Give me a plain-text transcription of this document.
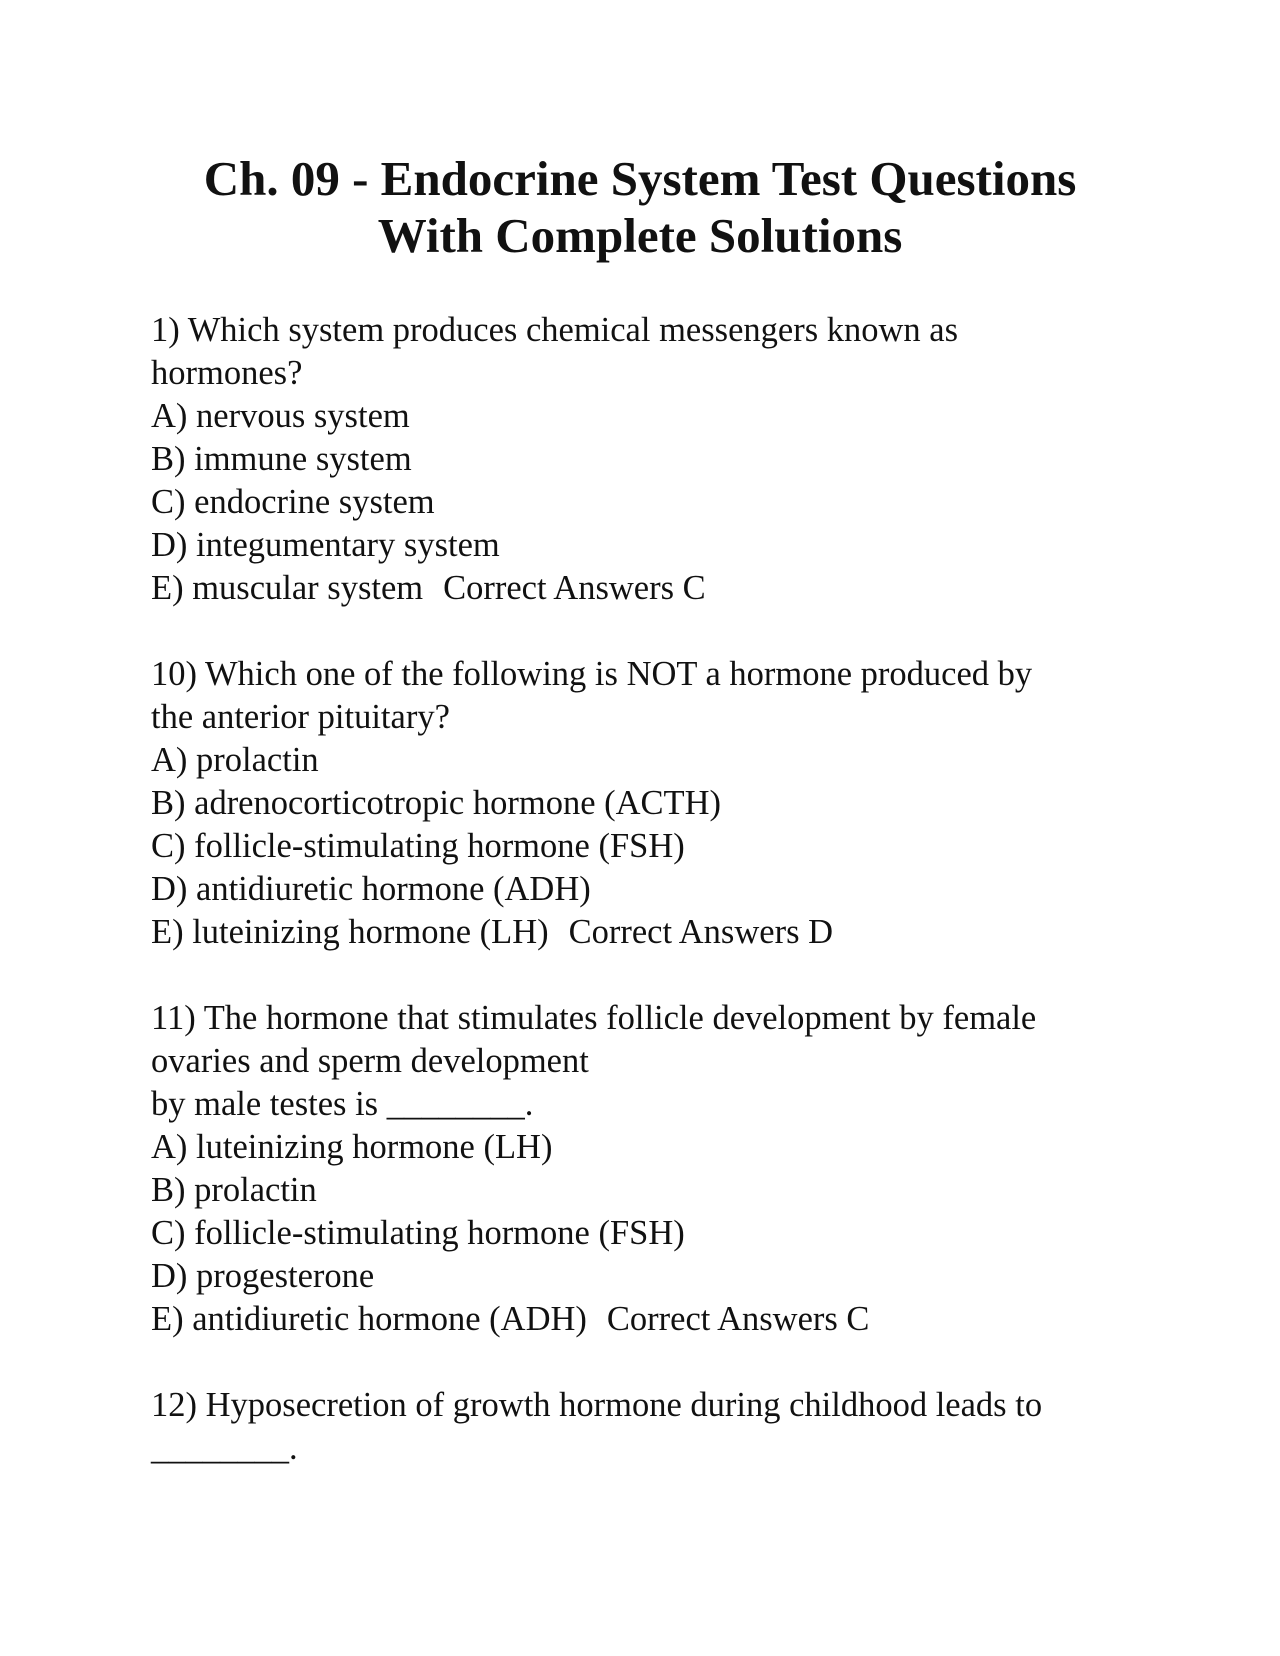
Ch. 09 - Endocrine System Test Questions
With Complete Solutions
1) Which system produces chemical messengers known as
hormones?
A) nervous system
B) immune system
C) endocrine system
D) integumentary system
E) muscular system Correct Answers C
10) Which one of the following is NOT a hormone produced by
the anterior pituitary?
A) prolactin
B) adrenocorticotropic hormone (ACTH)
C) follicle-stimulating hormone (FSH)
D) antidiuretic hormone (ADH)
E) luteinizing hormone (LH) Correct Answers D
11) The hormone that stimulates follicle development by female
ovaries and sperm development
by male testes is ________.
A) luteinizing hormone (LH)
B) prolactin
C) follicle-stimulating hormone (FSH)
D) progesterone
E) antidiuretic hormone (ADH) Correct Answers C
12) Hyposecretion of growth hormone during childhood leads to
________.
